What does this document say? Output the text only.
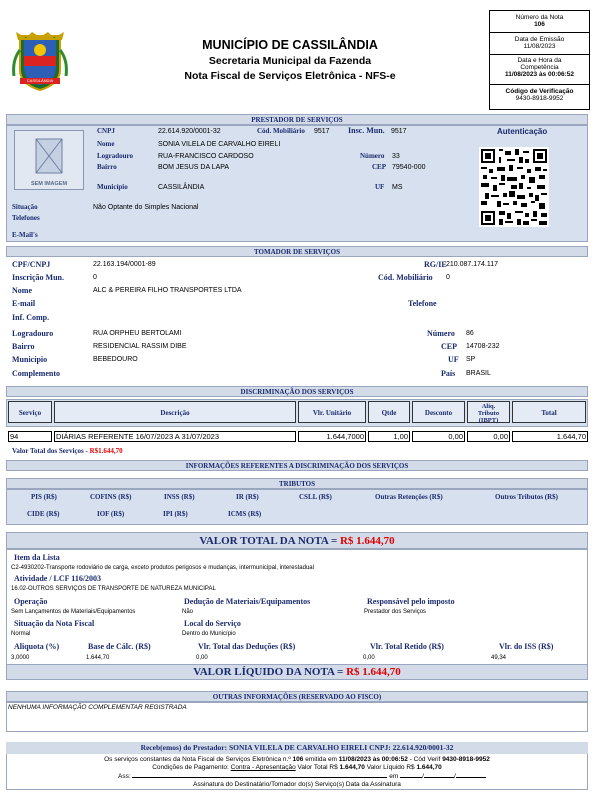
CASSILÂNDIA
MUNICÍPIO DE CASSILÂNDIA
Secretaria Municipal da Fazenda
Nota Fiscal de Serviços Eletrônica - NFS-e
Número da Nota
106
Data de Emissão
11/08/2023
Data e Hora da Competência
11/08/2023 às 00:06:52
Código de Verificação
9430-8918-9952
PRESTADOR DE SERVIÇOS
SEM IMAGEM
CNPJ	22.614.920/0001-32	Cód. Mobiliário 9517 Insc. Mun. 9517	Autenticação
Nome	SONIA VILELA DE CARVALHO EIRELI
Logradouro	RUA-FRANCISCO CARDOSO	Número 33
Bairro	BOM JESUS DA LAPA	CEP 79540-000
Município	CASSILÂNDIA	UF MS
Situação	Não Optante do Simples Nacional
Telefones
E-Mail's
TOMADOR DE SERVIÇOS
CPF/CNPJ	22.163.194/0001-89	RG/IE 210.087.174.117
Inscrição Mun.	0	Cód. Mobiliário 0
Nome	ALC & PEREIRA FILHO TRANSPORTES LTDA
E-mail	Telefone
Inf. Comp.
Logradouro	RUA ORPHEU BERTOLAMI	Número 86
Bairro	RESIDENCIAL RASSIM DIBE	CEP 14708-232
Município	BEBEDOURO	UF SP
Complemento	País BRASIL
DISCRIMINAÇÃO DOS SERVIÇOS
Serviço	Descrição	Vlr. Unitário	Qtde	Desconto
Aliq. Tributo (IBPT)
Total
94	DIÁRIAS REFERENTE 16/07/2023 A 31/07/2023	1.644,7000	1,00	0,00	0,00	1.644,70
Valor Total dos Serviços - R$1.644,70
INFORMAÇÕES REFERENTES A DISCRIMINAÇÃO DOS SERVIÇOS
TRIBUTOS
PIS (R$)	COFINS (R$)	INSS (R$)	IR (R$)	CSLL (R$)	Outras Retenções (R$)	Outros Tributos (R$)
CIDE (R$)	IOF (R$)	IPI (R$)	ICMS (R$)
VALOR TOTAL DA NOTA = R$ 1.644,70
Item da Lista
C2-4930202-Transporte rodoviário de carga, exceto produtos perigosos e mudanças, intermunicipal, interestadual
Atividade / LCF 116/2003
16.02-OUTROS SERVIÇOS DE TRANSPORTE DE NATUREZA MUNICIPAL
Operação
Sem Lançamentos de Materiais/Equipamentos
Dedução de Materiais/Equipamentos
Não
Responsável pelo imposto
Prestador dos Serviços
Situação da Nota Fiscal
Normal
Local do Serviço
Dentro do Município
Aliquota (%)
3,0000
Base de Cálc. (R$)
1.644,70
Vlr. Total das Deduções (R$)
0,00
Vlr. Total Retido (R$)
0,00
Vlr. do ISS (R$)
49,34
VALOR LÍQUIDO DA NOTA = R$ 1.644,70
OUTRAS INFORMAÇÕES (RESERVADO AO FISCO)
NENHUMA INFORMAÇÃO COMPLEMENTAR REGISTRADA
Receb(emos) do Prestador: SONIA VILELA DE CARVALHO EIRELI CNPJ: 22.614.920/0001-32
Os serviços constantes da Nota Fiscal de Serviços Eletrônica n.º 106 emitida em 11/08/2023 às 00:06:52 - Cód Verif 9430-8918-9952
Condições de Pagamento: Contra - Apresentação Valor Total R$ 1.644,70 Valor Líquido R$ 1.644,70
Ass:	em	/	/
Assinatura do Destinatário/Tomador do(s) Serviço(s) Data da Assinatura
